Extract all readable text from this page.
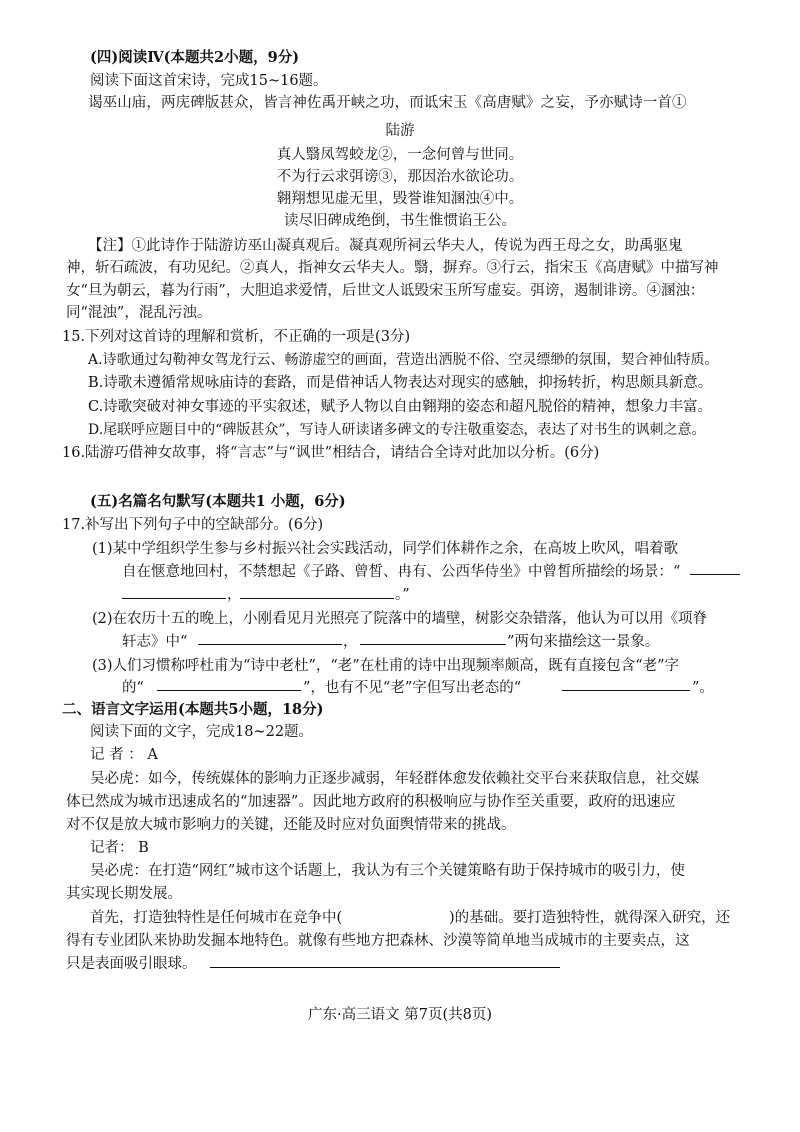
(四)阅读Ⅳ(本题共2小题，9分)
阅读下面这首宋诗，完成15~16题。
谒巫山庙，两庑碑版甚众，皆言神佐禹开峡之功，而诋宋玉《高唐赋》之妄，予亦赋诗一首①
陆游
真人翳凤驾蛟龙②，一念何曾与世同。
不为行云求弭谤③，那因治水欲论功。
翱翔想见虚无里，毁誉谁知溷浊④中。
读尽旧碑成绝倒，书生惟惯谄王公。
【注】①此诗作于陆游访巫山凝真观后。凝真观所祠云华夫人，传说为西王母之女，助禹驱鬼
神，斩石疏波，有功见纪。②真人，指神女云华夫人。翳，摒弃。③行云，指宋玉《高唐赋》中描写神
女“旦为朝云，暮为行雨”，大胆追求爱情，后世文人诋毁宋玉所写虚妄。弭谤，遏制诽谤。④溷浊：
同“混浊”，混乱污浊。
15.下列对这首诗的理解和赏析，不正确的一项是(3分)
A.诗歌通过勾勒神女驾龙行云、畅游虚空的画面，营造出洒脱不俗、空灵缥缈的氛围，契合神仙特质。
B.诗歌未遵循常规咏庙诗的套路，而是借神话人物表达对现实的感触，抑扬转折，构思颇具新意。
C.诗歌突破对神女事迹的平实叙述，赋予人物以自由翱翔的姿态和超凡脱俗的精神，想象力丰富。
D.尾联呼应题目中的“碑版甚众”，写诗人研读诸多碑文的专注敬重姿态，表达了对书生的讽刺之意。
16.陆游巧借神女故事，将“言志”与“讽世”相结合，请结合全诗对此加以分析。(6分)
(五)名篇名句默写(本题共1 小题，6分)
17.补写出下列句子中的空缺部分。(6分)
(1)某中学组织学生参与乡村振兴社会实践活动，同学们体耕作之余，在高坡上吹风，唱着歌
自在惬意地回村，不禁想起《子路、曾皙、冉有、公西华侍坐》中曾皙所描绘的场景：“
，	。”
(2)在农历十五的晚上，小刚看见月光照亮了院落中的墙壁，树影交杂错落，他认为可以用《项脊
轩志》中“	，	”两句来描绘这一景象。
(3)人们习惯称呼杜甫为“诗中老杜”，“老”在杜甫的诗中出现频率颇高，既有直接包含“老”字
的“	”，也有不见“老”字但写出老态的“	”。
二、语言文字运用(本题共5小题，18分)
阅读下面的文字，完成18~22题。
记 者 ： A
吴必虎：如今，传统媒体的影响力正逐步减弱，年轻群体愈发依赖社交平台来获取信息，社交媒
体已然成为城市迅速成名的“加速器”。因此地方政府的积极响应与协作至关重要，政府的迅速应
对不仅是放大城市影响力的关键，还能及时应对负面舆情带来的挑战。
记者： B
吴必虎：在打造“网红”城市这个话题上，我认为有三个关键策略有助于保持城市的吸引力，使
其实现长期发展。
首先，打造独特性是任何城市在竞争中(	)的基础。要打造独特性，就得深入研究，还
得有专业团队来协助发掘本地特色。就像有些地方把森林、沙漠等简单地当成城市的主要卖点，这
只是表面吸引眼球。
广东·高三语文 第7页(共8页)
